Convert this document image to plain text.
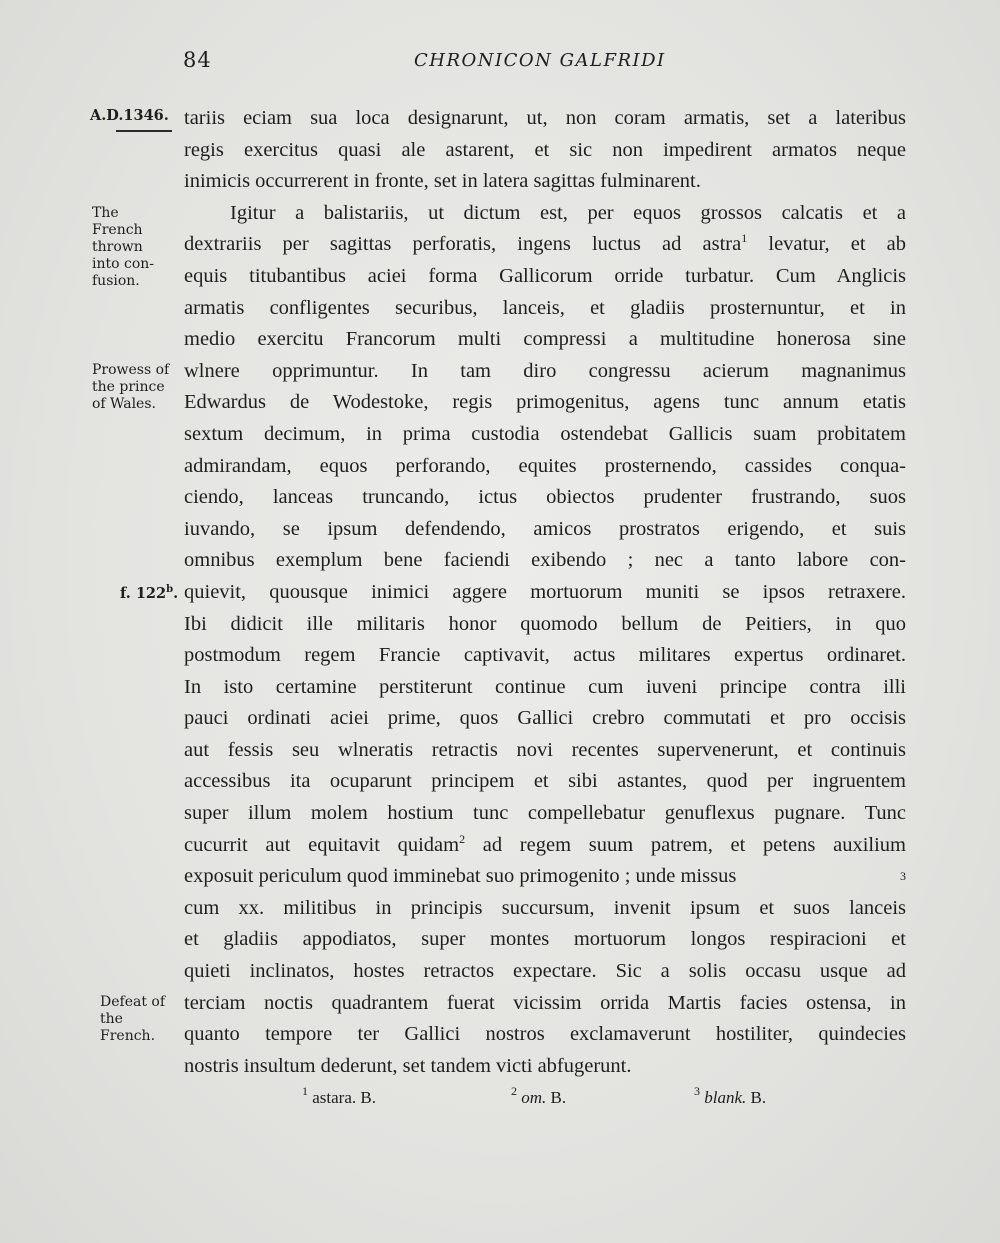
84	CHRONICON GALFRIDI
A.D.1346.
The
French
thrown
into con-
fusion.
Prowess of
the prince
of Wales.
f. 122$^b$.
Defeat of
the
French.
tariis eciam sua loca designarunt, ut, non coram armatis, set a lateribus
regis exercitus quasi ale astarent, et sic non impedirent armatos neque
inimicis occurrerent in fronte, set in latera sagittas fulminarent.
Igitur a balistariis, ut dictum est, per equos grossos calcatis et a
dextrariis per sagittas perforatis, ingens luctus ad astra$^1$ levatur, et ab
equis titubantibus aciei forma Gallicorum orride turbatur. Cum Anglicis
armatis confligentes securibus, lanceis, et gladiis prosternuntur, et in
medio exercitu Francorum multi compressi a multitudine honerosa sine
wlnere opprimuntur. In tam diro congressu acierum magnanimus
Edwardus de Wodestoke, regis primogenitus, agens tunc annum etatis
sextum decimum, in prima custodia ostendebat Gallicis suam probitatem
admirandam, equos perforando, equites prosternendo, cassides conqua-
ciendo, lanceas truncando, ictus obiectos prudenter frustrando, suos
iuvando, se ipsum defendendo, amicos prostratos erigendo, et suis
omnibus exemplum bene faciendi exibendo ; nec a tanto labore con-
quievit, quousque inimici aggere mortuorum muniti se ipsos retraxere.
Ibi didicit ille militaris honor quomodo bellum de Peitiers, in quo
postmodum regem Francie captivavit, actus militares expertus ordinaret.
In isto certamine perstiterunt continue cum iuveni principe contra illi
pauci ordinati aciei prime, quos Gallici crebro commutati et pro occisis
aut fessis seu wlneratis retractis novi recentes supervenerunt, et continuis
accessibus ita ocuparunt principem et sibi astantes, quod per ingruentem
super illum molem hostium tunc compellebatur genuflexus pugnare. Tunc
cucurrit aut equitavit quidam$^2$ ad regem suum patrem, et petens auxilium
exposuit periculum quod imminebat suo primogenito ; unde missus	3
cum xx. militibus in principis succursum, invenit ipsum et suos lanceis
et gladiis appodiatos, super montes mortuorum longos respiracioni et
quieti inclinatos, hostes retractos expectare. Sic a solis occasu usque ad
terciam noctis quadrantem fuerat vicissim orrida Martis facies ostensa, in
quanto tempore ter Gallici nostros exclamaverunt hostiliter, quindecies
nostris insultum dederunt, set tandem victi abfugerunt.
$^1$ astara. B.	$^2$ om. B.	$^3$ blank. B.
